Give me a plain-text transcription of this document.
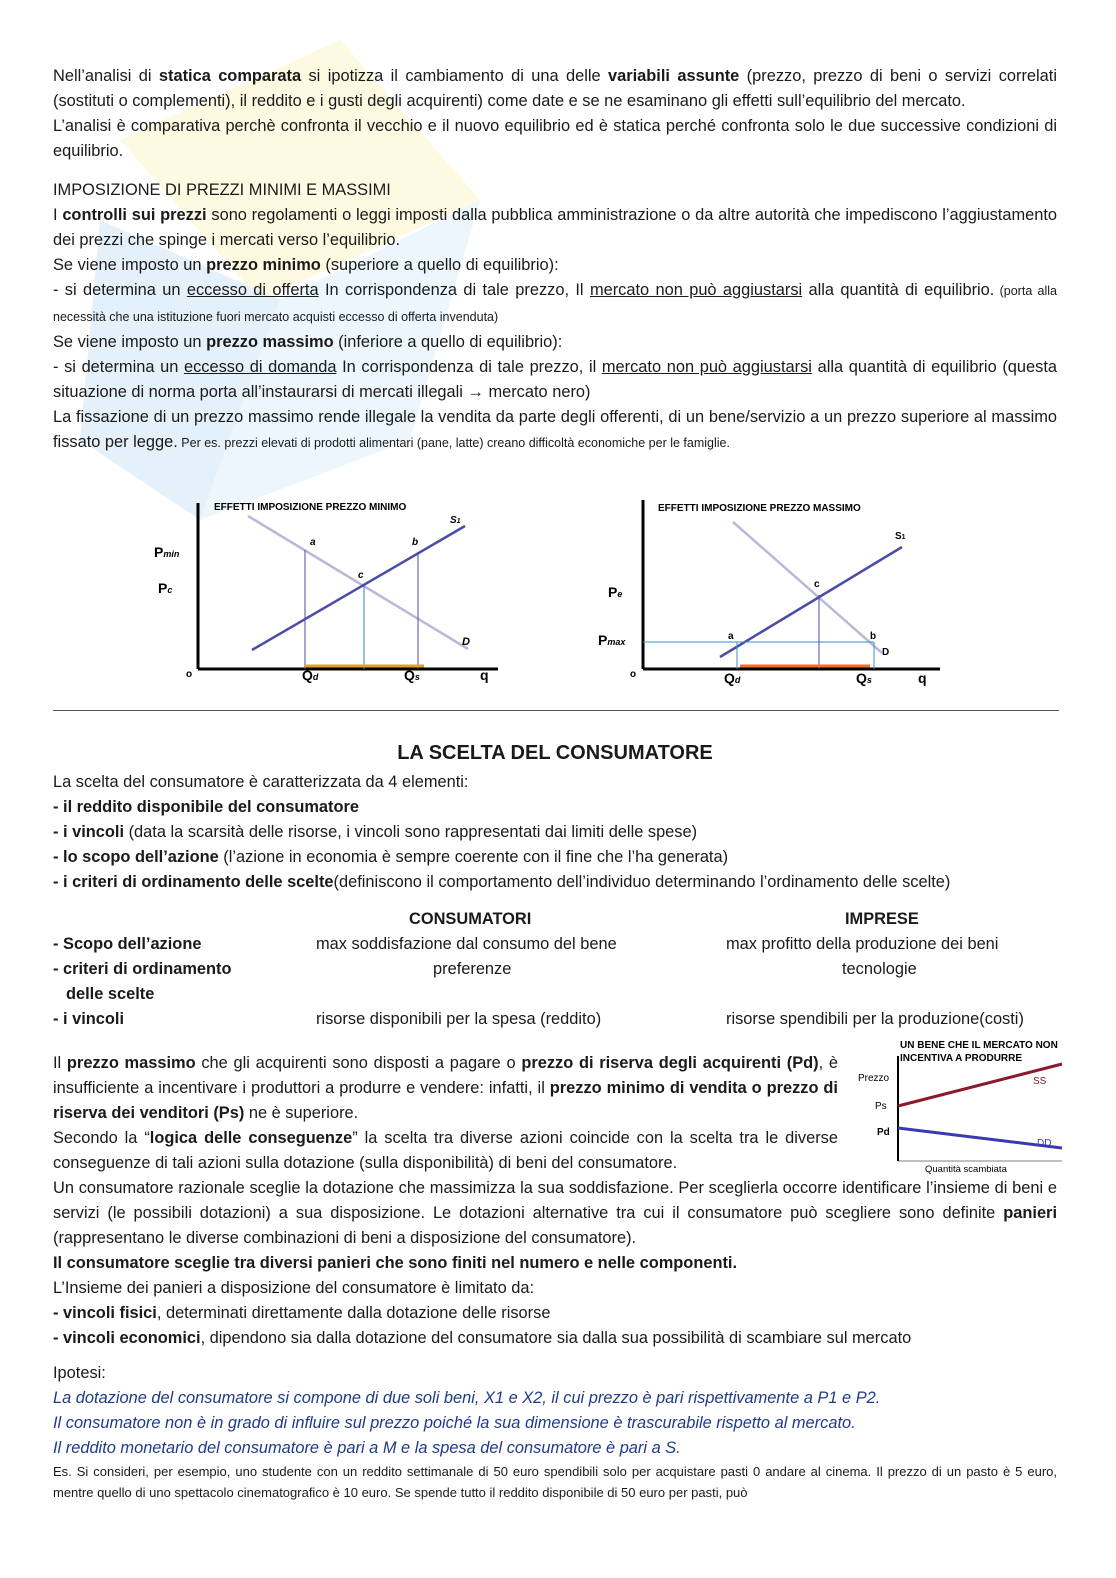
Nell’analisi di statica comparata si ipotizza il cambiamento di una delle variabili assunte (prezzo, prezzo di beni o servizi correlati (sostituti o complementi), il reddito e i gusti degli acquirenti) come date e se ne esaminano gli effetti sull’equilibrio del mercato.

L’analisi è comparativa perchè confronta il vecchio e il nuovo equilibrio ed è statica perché confronta solo le due successive condizioni di equilibrio.

IMPOSIZIONE DI PREZZI MINIMI E MASSIMI

I controlli sui prezzi sono regolamenti o leggi imposti dalla pubblica amministrazione o da altre autorità che impediscono l’aggiustamento dei prezzi che spinge i mercati verso l’equilibrio.

Se viene imposto un prezzo minimo (superiore a quello di equilibrio):

- si determina un eccesso di offerta In corrispondenza di tale prezzo, Il mercato non può aggiustarsi alla quantità di equilibrio. (porta alla necessità che una istituzione fuori mercato acquisti eccesso di offerta invenduta)

Se viene imposto un prezzo massimo (inferiore a quello di equilibrio):

- si determina un eccesso di domanda In corrispondenza di tale prezzo, il mercato non può aggiustarsi alla quantità di equilibrio (questa situazione di norma porta all’instaurarsi di mercati illegali → mercato nero)

La fissazione di un prezzo massimo rende illegale la vendita da parte degli offerenti, di un bene/servizio a un prezzo superiore al massimo fissato per legge. Per es. prezzi elevati di prodotti alimentari (pane, latte) creano difficoltà economiche per le famiglie.

EFFETTI IMPOSIZIONE PREZZO MINIMO
Pmin
Pc
a	b
c
S1
D
o	Qd	Qs	q
EFFETTI IMPOSIZIONE PREZZO MASSIMO
Pe
Pmax	a	b
c
S1
D
o	Qd	Qs	q

LA SCELTA DEL CONSUMATORE

La scelta del consumatore è caratterizzata da 4 elementi:

- il reddito disponibile del consumatore

- i vincoli (data la scarsità delle risorse, i vincoli sono rappresentati dai limiti delle spese)

- lo scopo dell’azione (l’azione in economia è sempre coerente con il fine che l’ha generata)

- i criteri di ordinamento delle scelte(definiscono il comportamento dell’individuo determinando l’ordinamento delle scelte)

CONSUMATORI	IMPRESE
- Scopo dell’azione	max soddisfazione dal consumo del bene	max profitto della produzione dei beni
- criteri di ordinamento
delle scelte
preferenze	tecnologie
- i vincoli	risorse disponibili per la spesa (reddito)	risorse spendibili per la produzione(costi)

Il prezzo massimo che gli acquirenti sono disposti a pagare o prezzo di riserva degli acquirenti (Pd), è insufficiente a incentivare i produttori a produrre e vendere: infatti, il prezzo minimo di vendita o prezzo di riserva dei venditori (Ps) ne è superiore.

Secondo la “logica delle conseguenze” la scelta tra diverse azioni coincide con la scelta tra le diverse conseguenze di tali azioni sulla dotazione (sulla disponibilità) di beni del consumatore.

Un consumatore razionale sceglie la dotazione che massimizza la sua soddisfazione. Per sceglierla occorre identificare l’insieme di beni e servizi (le possibili dotazioni) a sua disposizione. Le dotazioni alternative tra cui il consumatore può scegliere sono definite panieri (rappresentano le diverse combinazioni di beni a disposizione del consumatore).

Il consumatore sceglie tra diversi panieri che sono finiti nel numero e nelle componenti.

L’Insieme dei panieri a disposizione del consumatore è limitato da:

- vincoli fisici, determinati direttamente dalla dotazione delle risorse

- vincoli economici, dipendono sia dalla dotazione del consumatore sia dalla sua possibilità di scambiare sul mercato

Ipotesi:

La dotazione del consumatore si compone di due soli beni, X1 e X2, il cui prezzo è pari rispettivamente a P1 e P2.

Il consumatore non è in grado di influire sul prezzo poiché la sua dimensione è trascurabile rispetto al mercato.

Il reddito monetario del consumatore è pari a M e la spesa del consumatore è pari a S.

Es. Si consideri, per esempio, uno studente con un reddito settimanale di 50 euro spendibili solo per acquistare pasti 0 andare al cinema. Il prezzo di un pasto è 5 euro, mentre quello di uno spettacolo cinematografico è 10 euro. Se spende tutto il reddito disponibile di 50 euro per pasti, può

UN BENE CHE IL MERCATO NON
INCENTIVA A PRODURRE
Prezzo
Ps
Pd
SS
DD
Quantità scambiata
